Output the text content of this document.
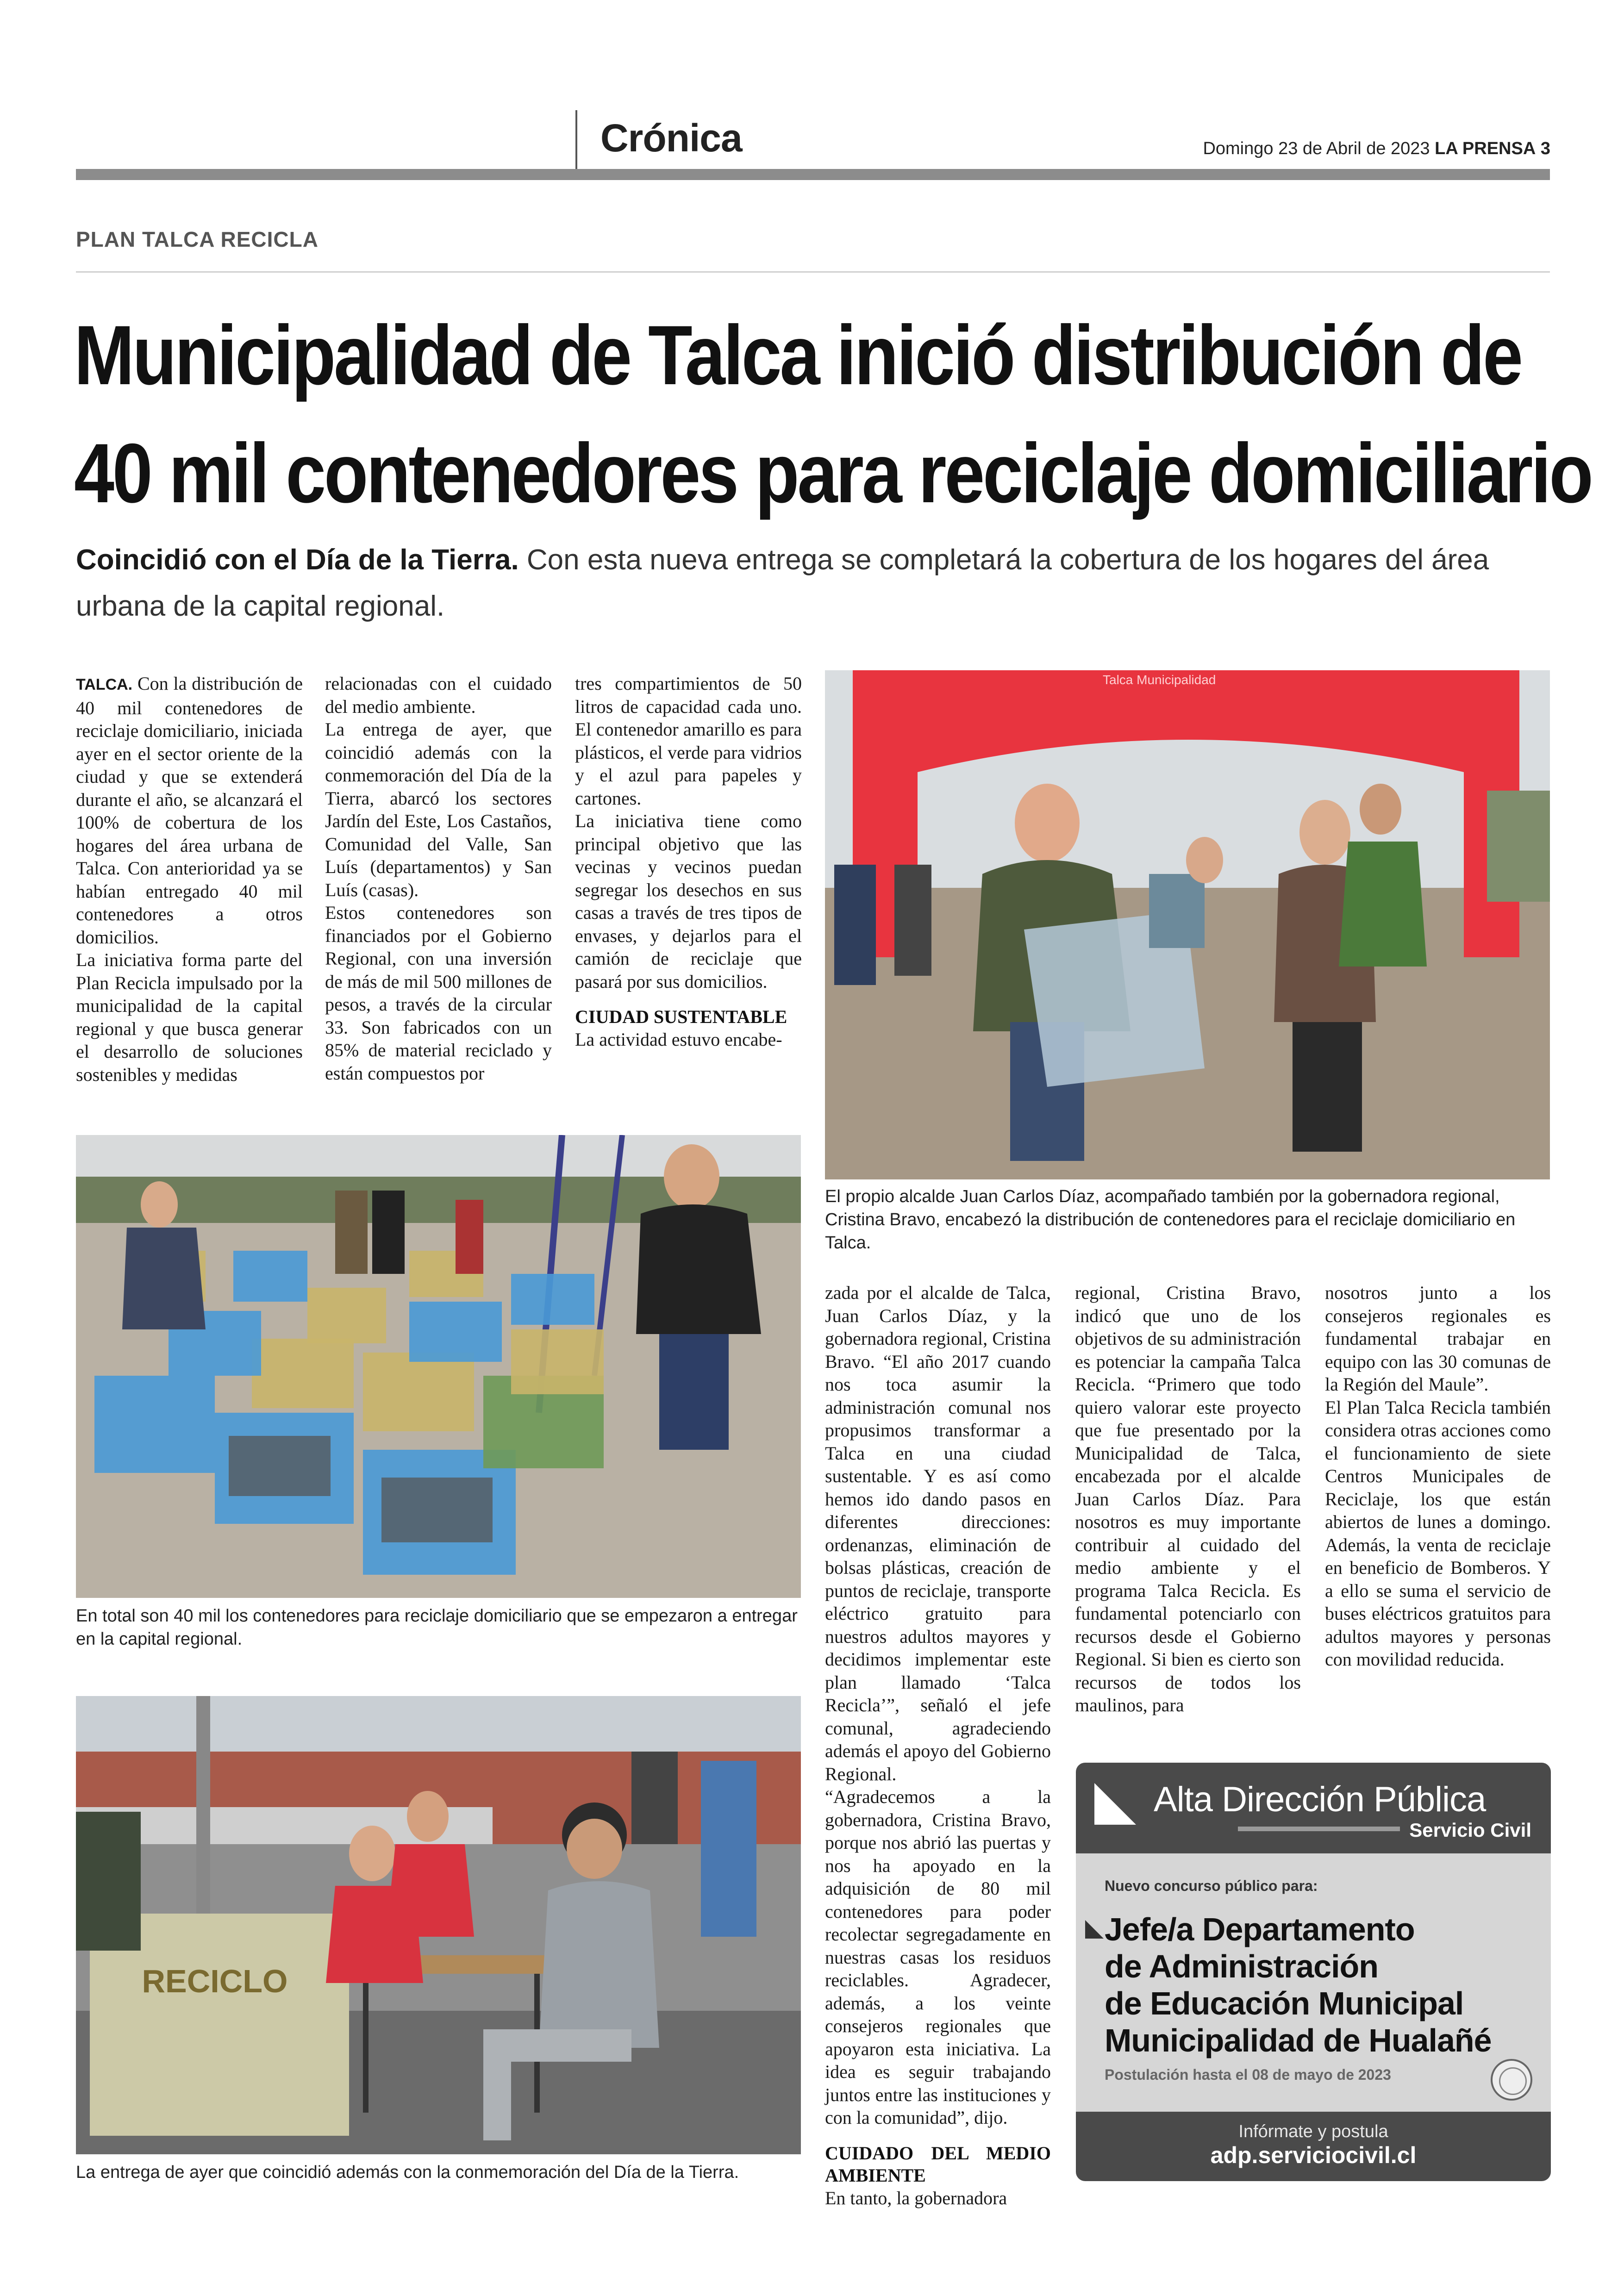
Crónica	Domingo 23 de Abril de 2023 LA PRENSA 3
PLAN TALCA RECICLA
Municipalidad de Talca inició distribución de
40 mil contenedores para reciclaje domiciliario
Coincidió con el Día de la Tierra. Con esta nueva entrega se completará la cobertura de los hogares del área urbana de la capital regional.

TALCA. Con la distribución de 40 mil contenedores de reciclaje domiciliario, iniciada ayer en el sector oriente de la ciudad y que se extenderá durante el año, se alcanzará el 100% de cobertura de los hogares del área urbana de Talca. Con anterioridad ya se habían entregado 40 mil contenedores a otros domicilios.

La iniciativa forma parte del Plan Recicla impulsado por la municipalidad de la capital regional y que busca generar el desarrollo de soluciones sostenibles y medidas

relacionadas con el cuidado del medio ambiente.

La entrega de ayer, que coincidió además con la conmemoración del Día de la Tierra, abarcó los sectores Jardín del Este, Los Castaños, Comunidad del Valle, San Luís (departamentos) y San Luís (casas).

Estos contenedores son financiados por el Gobierno Regional, con una inversión de más de mil 500 millones de pesos, a través de la circular 33. Son fabricados con un 85% de material reciclado y están compuestos por

tres compartimientos de 50 litros de capacidad cada uno. El contenedor amarillo es para plásticos, el verde para vidrios y el azul para papeles y cartones.

La iniciativa tiene como principal objetivo que las vecinas y vecinos puedan segregar los desechos en sus casas a través de tres tipos de envases, y dejarlos para el camión de reciclaje que pasará por sus domicilios.

CIUDAD SUSTENTABLE

La actividad estuvo encabe-

Talca Municipalidad
El propio alcalde Juan Carlos Díaz, acompañado también por la gobernadora regional, Cristina Bravo, encabezó la distribución de contenedores para el reciclaje domiciliario en Talca.
En total son 40 mil los contenedores para reciclaje domiciliario que se empezaron a entregar en la capital regional.
RECICLO
La entrega de ayer que coincidió además con la conmemoración del Día de la Tierra.

zada por el alcalde de Talca, Juan Carlos Díaz, y la gobernadora regional, Cristina Bravo. “El año 2017 cuando nos toca asumir la administración comunal nos propusimos transformar a Talca en una ciudad sustentable. Y es así como hemos ido dando pasos en diferentes direcciones: ordenanzas, eliminación de bolsas plásticas, creación de puntos de reciclaje, transporte eléctrico gratuito para nuestros adultos mayores y decidimos implementar este plan llamado ‘Talca Recicla’”, señaló el jefe comunal, agradeciendo además el apoyo del Gobierno Regional.

“Agradecemos a la gobernadora, Cristina Bravo, porque nos abrió las puertas y nos ha apoyado en la adquisición de 80 mil contenedores para poder recolectar segregadamente en nuestras casas los residuos reciclables. Agradecer, además, a los veinte consejeros regionales que apoyaron esta iniciativa. La idea es seguir trabajando juntos entre las instituciones y con la comunidad”, dijo.

CUIDADO DEL MEDIO AMBIENTE

En tanto, la gobernadora

regional, Cristina Bravo, indicó que uno de los objetivos de su administración es potenciar la campaña Talca Recicla. “Primero que todo quiero valorar este proyecto que fue presentado por la Municipalidad de Talca, encabezada por el alcalde Juan Carlos Díaz. Para nosotros es muy importante contribuir al cuidado del medio ambiente y el programa Talca Recicla. Es fundamental potenciarlo con recursos desde el Gobierno Regional. Si bien es cierto son recursos de todos los maulinos, para

nosotros junto a los consejeros regionales es fundamental trabajar en equipo con las 30 comunas de la Región del Maule”.

El Plan Talca Recicla también considera otras acciones como el funcionamiento de siete Centros Municipales de Reciclaje, los que están abiertos de lunes a domingo. Además, la venta de reciclaje en beneficio de Bomberos. Y a ello se suma el servicio de buses eléctricos gratuitos para adultos mayores y personas con movilidad reducida.

Alta Dirección Pública
Servicio Civil
Nuevo concurso público para:
Jefe/a Departamento
de Administración
de Educación Municipal
Municipalidad de Hualañé
Postulación hasta el 08 de mayo de 2023
Infórmate y postula
adp.serviciocivil.cl
